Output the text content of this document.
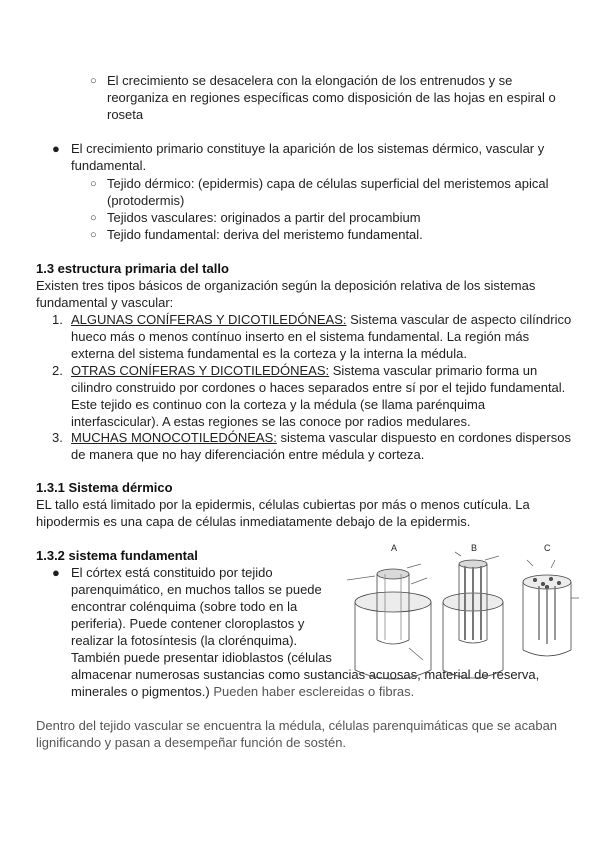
○ El crecimiento se desacelera con la elongación de los entrenudos y se reorganiza en regiones específicas como disposición de las hojas en espiral o roseta
● El crecimiento primario constituye la aparición de los sistemas dérmico, vascular y fundamental.
○ Tejido dérmico: (epidermis) capa de células superficial del meristemos apical (protodermis)
○ Tejidos vasculares: originados a partir del procambium
○ Tejido fundamental: deriva del meristemo fundamental.
1.3 estructura primaria del tallo
Existen tres tipos básicos de organización según la deposición relativa de los sistemas fundamental y vascular:
1. ALGUNAS CONÍFERAS Y DICOTILEDÓNEAS: Sistema vascular de aspecto cilíndrico hueco más o menos contínuo inserto en el sistema fundamental. La región más externa del sistema fundamental es la corteza y la interna la médula.
2. OTRAS CONÍFERAS Y DICOTILEDÓNEAS: Sistema vascular primario forma un cilindro construido por cordones o haces separados entre sí por el tejido fundamental. Este tejido es continuo con la corteza y la médula (se llama parénquima interfascicular). A estas regiones se las conoce por radios medulares.
3. MUCHAS MONOCOTILEDÓNEAS: sistema vascular dispuesto en cordones dispersos de manera que no hay diferenciación entre médula y corteza.
1.3.1 Sistema dérmico
EL tallo está limitado por la epidermis, células cubiertas por más o menos cutícula. La hipodermis es una capa de células inmediatamente debajo de la epidermis.
1.3.2 sistema fundamental
● El córtex está constituido por tejido parenquimático, en muchos tallos se puede encontrar colénquima (sobre todo en la periferia). Puede contener cloroplastos y realizar la fotosíntesis (la clorénquima). También puede presentar idioblastos (células
almacenar numerosas sustancias como sustancias acuosas, material de reserva, minerales o pigmentos.) Pueden haber esclereidas o fibras.
Dentro del tejido vascular se encuentra la médula, células parenquimáticas que se acaban lignificando y pasan a desempeñar función de sostén.
A	B	C
